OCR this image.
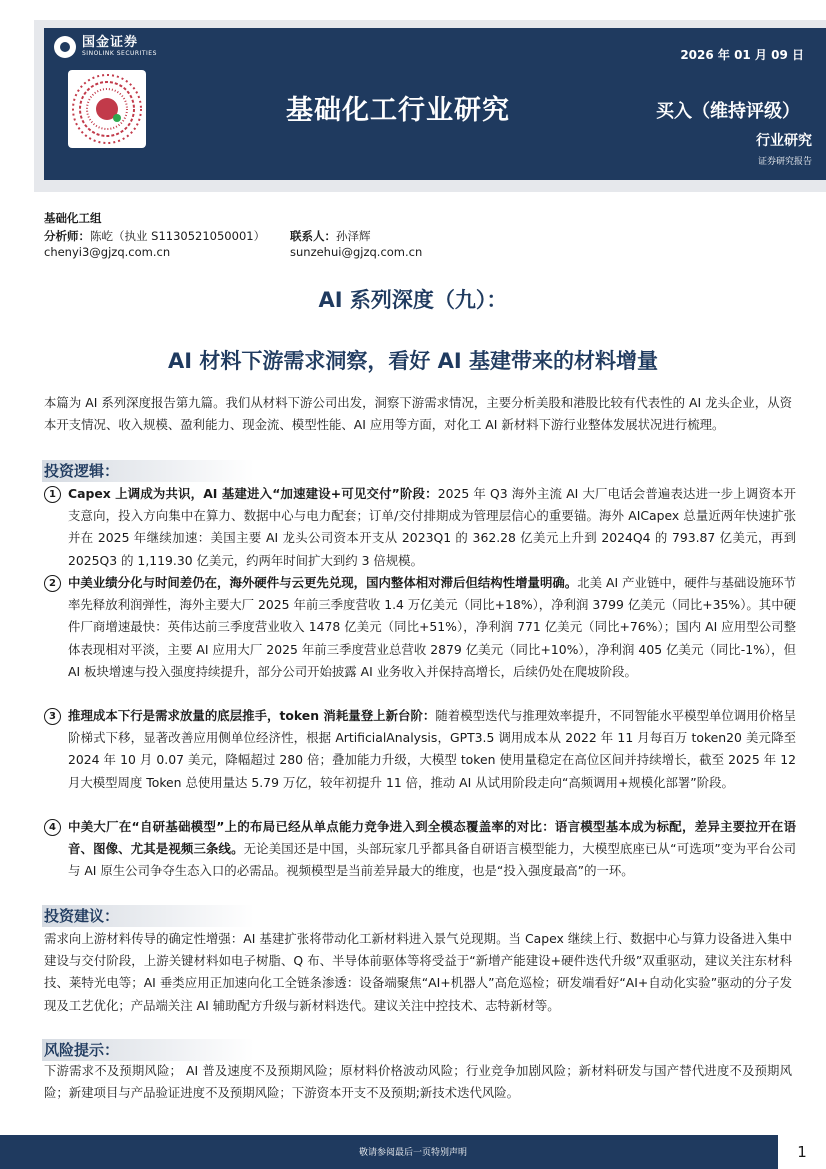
国金证券
SINOLINK SECURITIES	2026 年 01 月 09 日
基础化工行业研究	买入（维持评级）
行业研究
证券研究报告
基础化工组
分析师：陈屹（执业 S1130521050001） 联系人：孙泽辉
chenyi3@gjzq.com.cn	sunzehui@gjzq.com.cn
AI 系列深度（九）：
AI 材料下游需求洞察，看好 AI 基建带来的材料增量
本篇为 AI 系列深度报告第九篇。我们从材料下游公司出发，洞察下游需求情况，主要分析美股和港股比较有代表性的 AI 龙头企业，从资本开支情况、收入规模、盈利能力、现金流、模型性能、AI 应用等方面，对化工 AI 新材料下游行业整体发展状况进行梳理。
投资逻辑：
1 Capex 上调成为共识，AI 基建进入“加速建设+可见交付”阶段：2025 年 Q3 海外主流 AI 大厂电话会普遍表达进一步上调资本开支意向，投入方向集中在算力、数据中心与电力配套；订单/交付排期成为管理层信心的重要锚。海外 AICapex 总量近两年快速扩张并在 2025 年继续加速：美国主要 AI 龙头公司资本开支从 2023Q1 的 362.28 亿美元上升到 2024Q4 的 793.87 亿美元，再到 2025Q3 的 1,119.30 亿美元，约两年时间扩大到约 3 倍规模。
2 中美业绩分化与时间差仍在，海外硬件与云更先兑现，国内整体相对滞后但结构性增量明确。北美 AI 产业链中，硬件与基础设施环节率先释放利润弹性，海外主要大厂 2025 年前三季度营收 1.4 万亿美元（同比+18%），净利润 3799 亿美元（同比+35%）。其中硬件厂商增速最快：英伟达前三季度营业收入 1478 亿美元（同比+51%），净利润 771 亿美元（同比+76%）；国内 AI 应用型公司整体表现相对平淡，主要 AI 应用大厂 2025 年前三季度营业总营收 2879 亿美元（同比+10%），净利润 405 亿美元（同比-1%），但 AI 板块增速与投入强度持续提升，部分公司开始披露 AI 业务收入并保持高增长，后续仍处在爬坡阶段。
3 推理成本下行是需求放量的底层推手，token 消耗量登上新台阶：随着模型迭代与推理效率提升，不同智能水平模型单位调用价格呈阶梯式下移，显著改善应用侧单位经济性，根据 ArtificialAnalysis，GPT3.5 调用成本从 2022 年 11 月每百万 token20 美元降至 2024 年 10 月 0.07 美元，降幅超过 280 倍；叠加能力升级，大模型 token 使用量稳定在高位区间并持续增长，截至 2025 年 12 月大模型周度 Token 总使用量达 5.79 万亿，较年初提升 11 倍，推动 AI 从试用阶段走向“高频调用+规模化部署”阶段。
4 中美大厂在“自研基础模型”上的布局已经从单点能力竞争进入到全模态覆盖率的对比：语言模型基本成为标配，差异主要拉开在语音、图像、尤其是视频三条线。无论美国还是中国，头部玩家几乎都具备自研语言模型能力，大模型底座已从“可选项”变为平台公司与 AI 原生公司争夺生态入口的必需品。视频模型是当前差异最大的维度，也是“投入强度最高”的一环。
投资建议：
需求向上游材料传导的确定性增强：AI 基建扩张将带动化工新材料进入景气兑现期。当 Capex 继续上行、数据中心与算力设备进入集中建设与交付阶段，上游关键材料如电子树脂、Q 布、半导体前驱体等将受益于“新增产能建设+硬件迭代升级”双重驱动，建议关注东材科技、莱特光电等；AI 垂类应用正加速向化工全链条渗透：设备端聚焦“AI+机器人”高危巡检；研发端看好“AI+自动化实验”驱动的分子发现及工艺优化；产品端关注 AI 辅助配方升级与新材料迭代。建议关注中控技术、志特新材等。
风险提示：
下游需求不及预期风险； AI 普及速度不及预期风险；原材料价格波动风险；行业竞争加剧风险；新材料研发与国产替代进度不及预期风险；新建项目与产品验证进度不及预期风险；下游资本开支不及预期;新技术迭代风险。
敬请参阅最后一页特别声明	1
